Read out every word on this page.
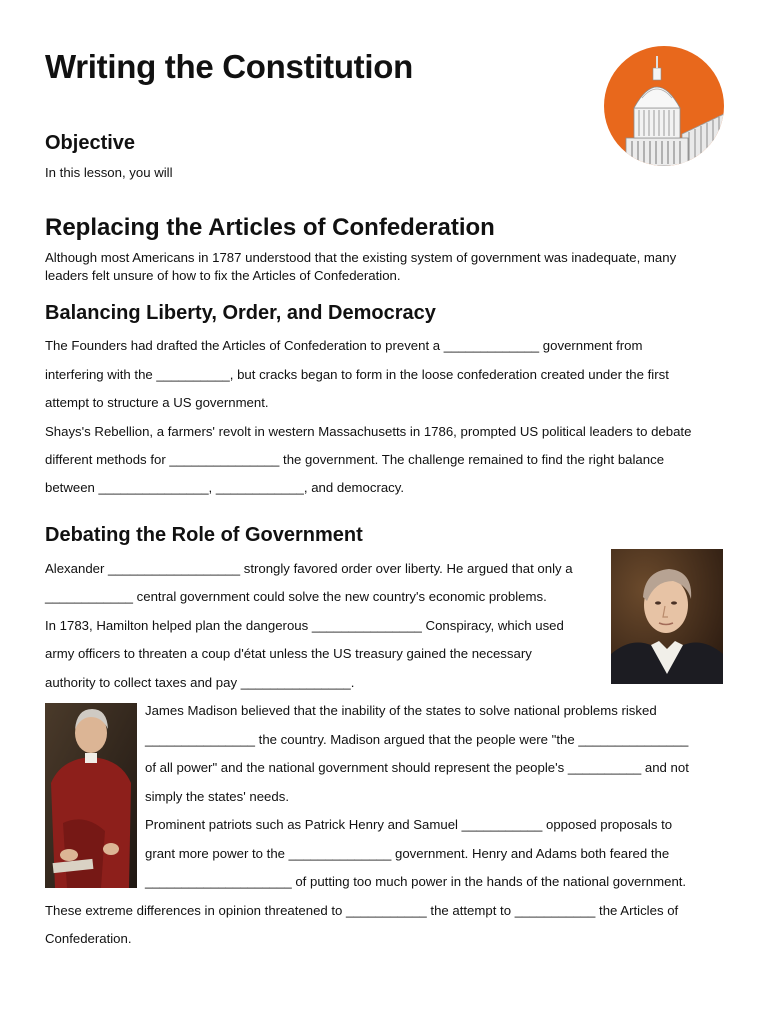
Writing the Constitution
Objective

In this lesson, you will

Replacing the Articles of Confederation

Although most Americans in 1787 understood that the existing system of government was inadequate, many

leaders felt unsure of how to fix the Articles of Confederation.

Balancing Liberty, Order, and Democracy

The Founders had drafted the Articles of Confederation to prevent a _____________ government from

interfering with the __________, but cracks began to form in the loose confederation created under the first

attempt to structure a US government.

Shays's Rebellion, a farmers' revolt in western Massachusetts in 1786, prompted US political leaders to debate

different methods for _______________ the government. The challenge remained to find the right balance

between _______________, ____________, and democracy.

Debating the Role of Government

Alexander __________________ strongly favored order over liberty. He argued that only a

____________ central government could solve the new country's economic problems.

In 1783, Hamilton helped plan the dangerous _______________ Conspiracy, which used

army officers to threaten a coup d'état unless the US treasury gained the necessary

authority to collect taxes and pay _______________.

James Madison believed that the inability of the states to solve national problems risked

_______________ the country. Madison argued that the people were "the _______________

of all power" and the national government should represent the people's __________ and not

simply the states' needs.

Prominent patriots such as Patrick Henry and Samuel ___________ opposed proposals to

grant more power to the ______________ government. Henry and Adams both feared the

____________________ of putting too much power in the hands of the national government.

These extreme differences in opinion threatened to ___________ the attempt to ___________ the Articles of

Confederation.
